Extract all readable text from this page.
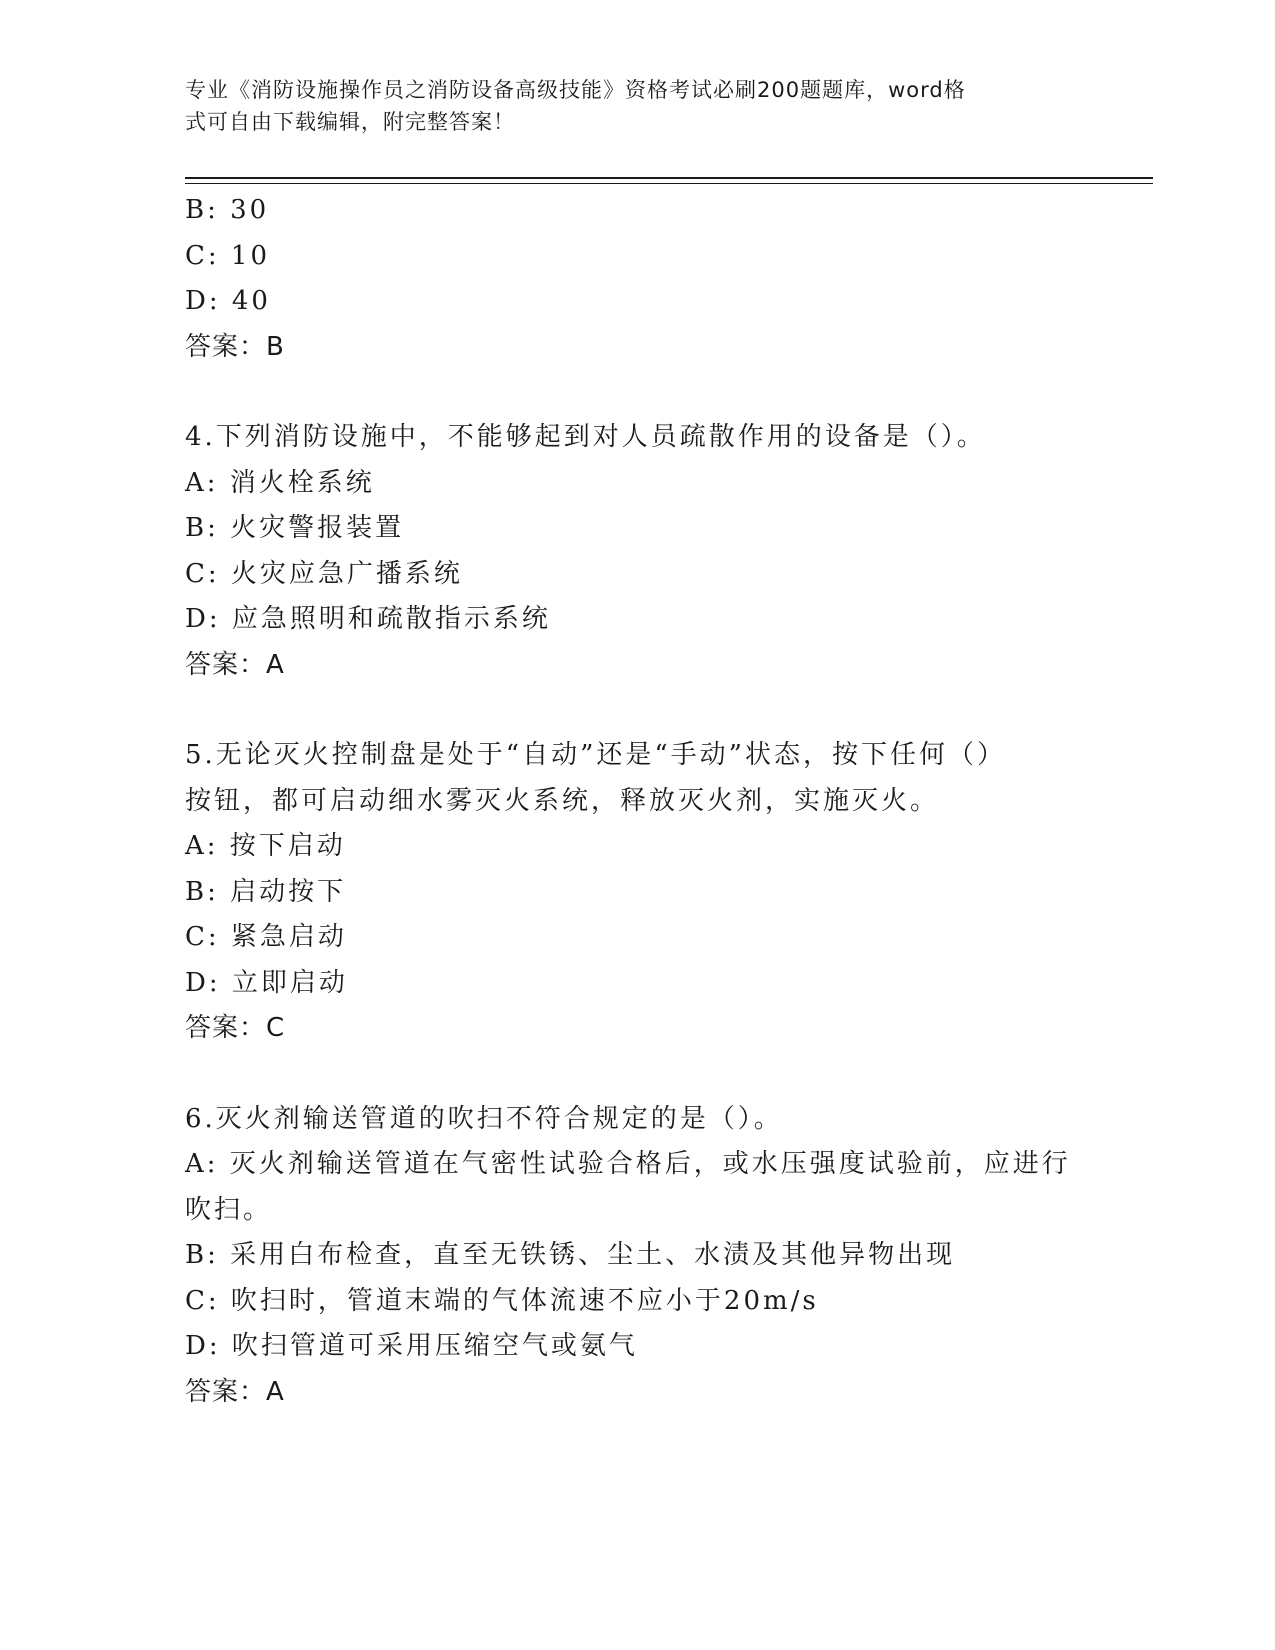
专业《消防设施操作员之消防设备高级技能》资格考试必刷200题题库，word格
式可自由下载编辑，附完整答案！
B: 30
C: 10
D: 40
答案：B
4.下列消防设施中，不能够起到对人员疏散作用的设备是（）。
A: 消火栓系统
B: 火灾警报装置
C: 火灾应急广播系统
D: 应急照明和疏散指示系统
答案：A
5.无论灭火控制盘是处于“自动”还是“手动”状态，按下任何（）
按钮，都可启动细水雾灭火系统，释放灭火剂，实施灭火。
A: 按下启动
B: 启动按下
C: 紧急启动
D: 立即启动
答案：C
6.灭火剂输送管道的吹扫不符合规定的是（）。
A: 灭火剂输送管道在气密性试验合格后，或水压强度试验前，应进行
吹扫。
B: 采用白布检查，直至无铁锈、尘土、水渍及其他异物出现
C: 吹扫时，管道末端的气体流速不应小于20m/s
D: 吹扫管道可采用压缩空气或氨气
答案：A
